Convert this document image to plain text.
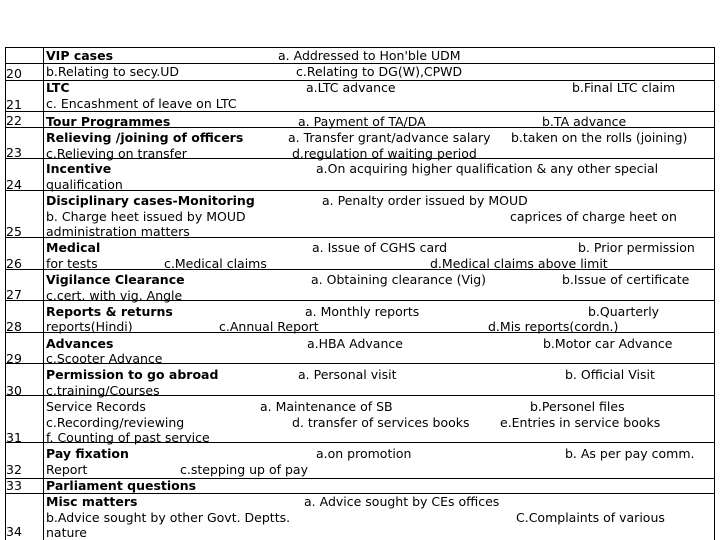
20
VIP cases	a. Addressed to Hon'ble UDM
b.Relating to secy.UD	c.Relating to DG(W),CPWD
21
LTC	a.LTC advance	b.Final LTC claim
c. Encashment of leave on LTC
22 Tour Programmes	a. Payment of TA/DA	b.TA advance
23
Relieving /joining of officers	a. Transfer grant/advance salary b.taken on the rolls (joining)
c.Relieving on transfer	d.regulation of waiting period
24
Incentive	a.On acquiring higher qualification & any other special
qualification
25
Disciplinary cases-Monitoring	a. Penalty order issued by MOUD
b. Charge heet issued by MOUD	caprices of charge heet on
administration matters
26
Medical	a. Issue of CGHS card	b. Prior permission
for tests	c.Medical claims	d.Medical claims above limit
27
Vigilance Clearance	a. Obtaining clearance (Vig)	b.Issue of certificate
c.cert. with vig. Angle
28
Reports & returns	a. Monthly reports	b.Quarterly
reports(Hindi)	c.Annual Report	d.Mis reports(cordn.)
29
Advances	a.HBA Advance	b.Motor car Advance
c.Scooter Advance
30
Permission to go abroad	a. Personal visit	b. Official Visit
c.training/Courses
31
Service Records	a. Maintenance of SB	b.Personel files
c.Recording/reviewing	d. transfer of services books e.Entries in service books
f. Counting of past service
32
Pay fixation	a.on promotion	b. As per pay comm.
Report	c.stepping up of pay
33 Parliament questions
34
Misc matters	a. Advice sought by CEs offices
b.Advice sought by other Govt. Deptts.	C.Complaints of various
nature
